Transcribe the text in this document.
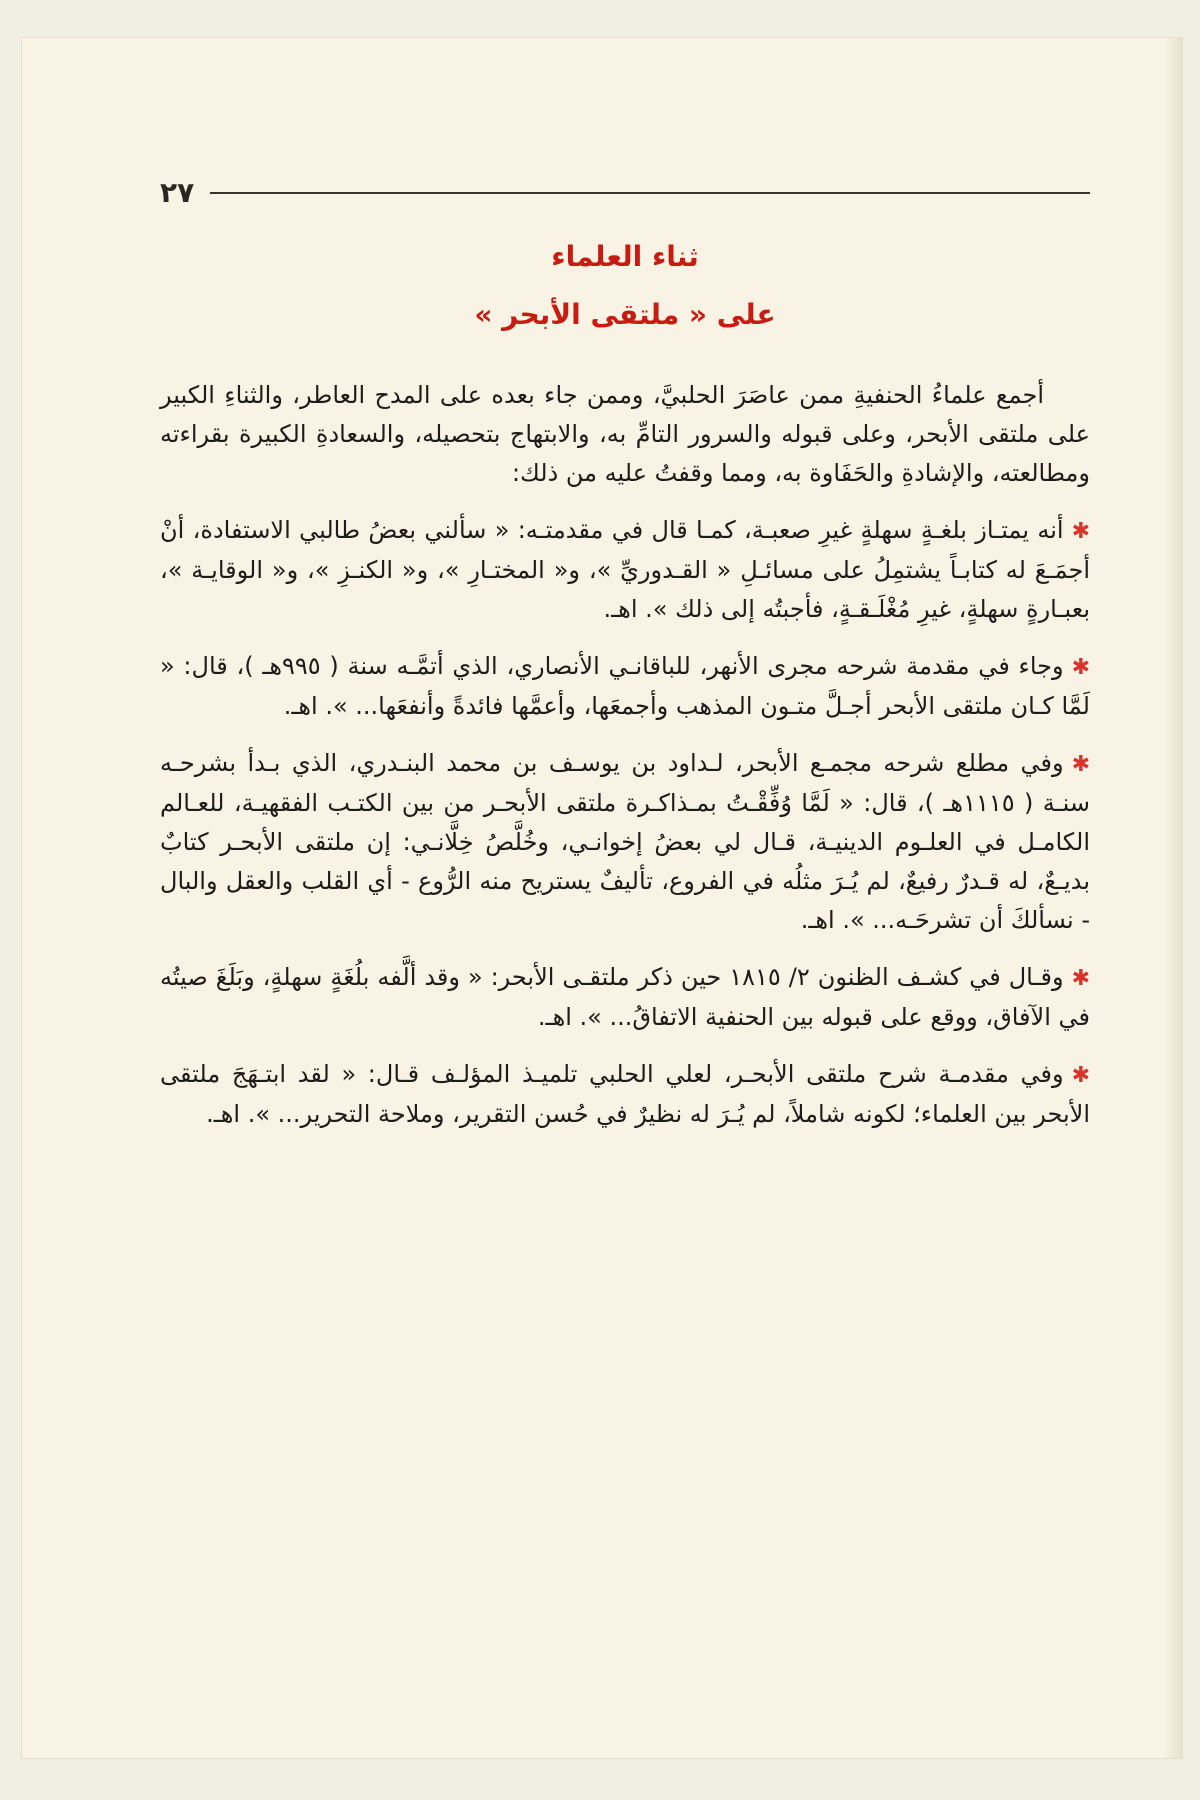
٢٧
ثناء العلماء
على « ملتقى الأبحر »

أجمع علماءُ الحنفيةِ ممن عاصَرَ الحلبيَّ، وممن جاء بعده على المدح العاطر، والثناءِ الكبير على ملتقى الأبحر، وعلى قبوله والسرور التامِّ به، والابتهاج بتحصيله، والسعادةِ الكبيرة بقراءته ومطالعته، والإشادةِ والحَفَاوة به، ومما وقفتُ عليه من ذلك:

✱أنه يمتـاز بلغـةٍ سهلةٍ غيرِ صعبـة، كمـا قال في مقدمتـه: « سألني بعضُ طالبي الاستفادة، أنْ أجمَـعَ له كتابـاً يشتمِلُ على مسائـلِ « القـدوريِّ »، و« المختـارِ »، و« الكنـزِ »، و« الوقايـة »، بعبـارةٍ سهلةٍ، غيرِ مُغْلَـقـةٍ، فأجبتُه إلى ذلك ». اهـ.

✱وجاء في مقدمة شرحه مجرى الأنهر، للباقانـي الأنصاري، الذي أتمَّـه سنة ( ٩٩٥هـ )، قال: « لَمَّا كـان ملتقى الأبحر أجـلَّ متـون المذهب وأجمعَها، وأعمَّها فائدةً وأنفعَها... ». اهـ.

✱وفي مطلع شرحه مجمـع الأبحر، لـداود بن يوسـف بن محمد البنـدري، الذي بـدأ بشرحـه سنـة ( ١١١٥هـ )، قال: « لَمَّا وُفِّقْـتُ بمـذاكـرة ملتقى الأبحـر من بين الكتـب الفقهيـة، للعـالم الكامـل في العلـوم الدينيـة، قـال لي بعضُ إخوانـي، وخُلَّصُ خِلَّانـي: إن ملتقى الأبحـر كتابٌ بديـعٌ، له قـدرٌ رفيعٌ، لم يُـرَ مثلُه في الفروع، تأليفٌ يستريح منه الرُّوع - أي القلب والعقل والبال - نسألكَ أن تشرحَـه... ». اهـ.

✱وقـال في كشـف الظنون ٢/ ١٨١٥ حين ذكر ملتقـى الأبحر: « وقد ألَّفه بلُغَةٍ سهلةٍ، وبَلَغَ صيتُه في الآفاق، ووقع على قبوله بين الحنفية الاتفاقُ... ». اهـ.

✱وفي مقدمـة شرح ملتقى الأبحـر، لعلي الحلبي تلميـذ المؤلـف قـال: « لقد ابتـهَجَ ملتقى الأبحر بين العلماء؛ لكونه شاملاً، لم يُـرَ له نظيرٌ في حُسن التقرير، وملاحة التحرير... ». اهـ.
